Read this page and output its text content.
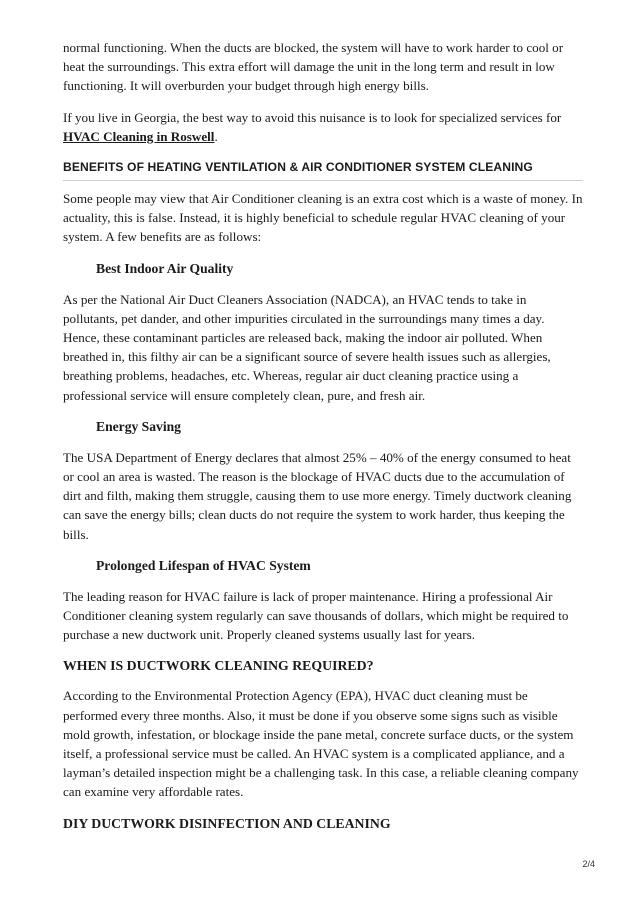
normal functioning. When the ducts are blocked, the system will have to work harder to cool or heat the surroundings. This extra effort will damage the unit in the long term and result in low functioning. It will overburden your budget through high energy bills.

If you live in Georgia, the best way to avoid this nuisance is to look for specialized services for HVAC Cleaning in Roswell.

BENEFITS OF HEATING VENTILATION & AIR CONDITIONER SYSTEM CLEANING

Some people may view that Air Conditioner cleaning is an extra cost which is a waste of money. In actuality, this is false. Instead, it is highly beneficial to schedule regular HVAC cleaning of your system. A few benefits are as follows:

Best Indoor Air Quality

As per the National Air Duct Cleaners Association (NADCA), an HVAC tends to take in pollutants, pet dander, and other impurities circulated in the surroundings many times a day. Hence, these contaminant particles are released back, making the indoor air polluted. When breathed in, this filthy air can be a significant source of severe health issues such as allergies, breathing problems, headaches, etc. Whereas, regular air duct cleaning practice using a professional service will ensure completely clean, pure, and fresh air.

Energy Saving

The USA Department of Energy declares that almost 25% – 40% of the energy consumed to heat or cool an area is wasted. The reason is the blockage of HVAC ducts due to the accumulation of dirt and filth, making them struggle, causing them to use more energy. Timely ductwork cleaning can save the energy bills; clean ducts do not require the system to work harder, thus keeping the bills.

Prolonged Lifespan of HVAC System

The leading reason for HVAC failure is lack of proper maintenance. Hiring a professional Air Conditioner cleaning system regularly can save thousands of dollars, which might be required to purchase a new ductwork unit. Properly cleaned systems usually last for years.

WHEN IS DUCTWORK CLEANING REQUIRED?

According to the Environmental Protection Agency (EPA), HVAC duct cleaning must be performed every three months. Also, it must be done if you observe some signs such as visible mold growth, infestation, or blockage inside the pane metal, concrete surface ducts, or the system itself, a professional service must be called. An HVAC system is a complicated appliance, and a layman’s detailed inspection might be a challenging task. In this case, a reliable cleaning company can examine very affordable rates.

DIY DUCTWORK DISINFECTION AND CLEANING
2/4
